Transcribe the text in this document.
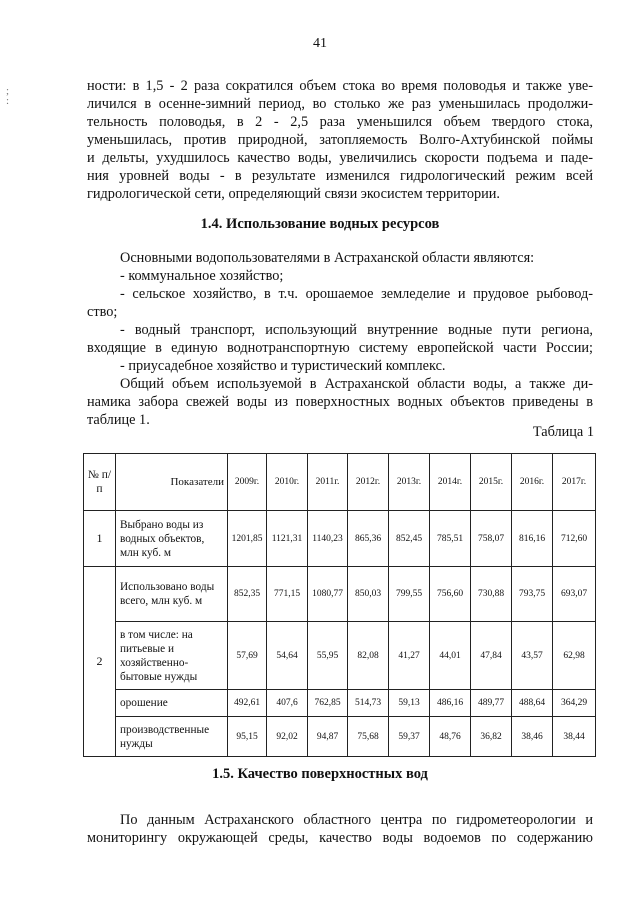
41
;
:

ности: в 1,5 - 2 раза сократился объем стока во время половодья и также уве-

личился в осенне-зимний период, во столько же раз уменьшилась продолжи-

тельность половодья, в 2 - 2,5 раза уменьшился объем твердого стока,

уменьшилась, против природной, затопляемость Волго-Ахтубинской поймы

и дельты, ухудшилось качество воды, увеличились скорости подъема и паде-

ния уровней воды - в результате изменился гидрологический режим всей

гидрологической сети, определяющий связи экосистем территории.

1.4. Использование водных ресурсов

Основными водопользователями в Астраханской области являются:

- коммунальное хозяйство;

- сельское хозяйство, в т.ч. орошаемое земледелие и прудовое рыбовод-

ство;

- водный транспорт, использующий внутренние водные пути региона,

входящие в единую воднотранспортную систему европейской части России;

- приусадебное хозяйство и туристический комплекс.

Общий объем используемой в Астраханской области воды, а также ди-

намика забора свежей воды из поверхностных водных объектов приведены в

таблице 1.

Таблица 1

№ п/п	Показатели	2009г.	2010г.	2011г.	2012г.	2013г.	2014г.	2015г.	2016г.	2017г.
1	Выбрано воды из водных объектов, млн куб. м	1201,85	1121,31	1140,23	865,36	852,45	785,51	758,07	816,16	712,60
2	Использовано воды всего, млн куб. м	852,35	771,15	1080,77	850,03	799,55	756,60	730,88	793,75	693,07
	в том числе: на питьевые и хозяйственно-бытовые нужды	57,69	54,64	55,95	82,08	41,27	44,01	47,84	43,57	62,98
	орошение	492,61	407,6	762,85	514,73	59,13	486,16	489,77	488,64	364,29
	производственные нужды	95,15	92,02	94,87	75,68	59,37	48,76	36,82	38,46	38,44
1.5. Качество поверхностных вод

По данным Астраханского областного центра по гидрометеорологии и

мониторингу окружающей среды, качество воды водоемов по содержанию
